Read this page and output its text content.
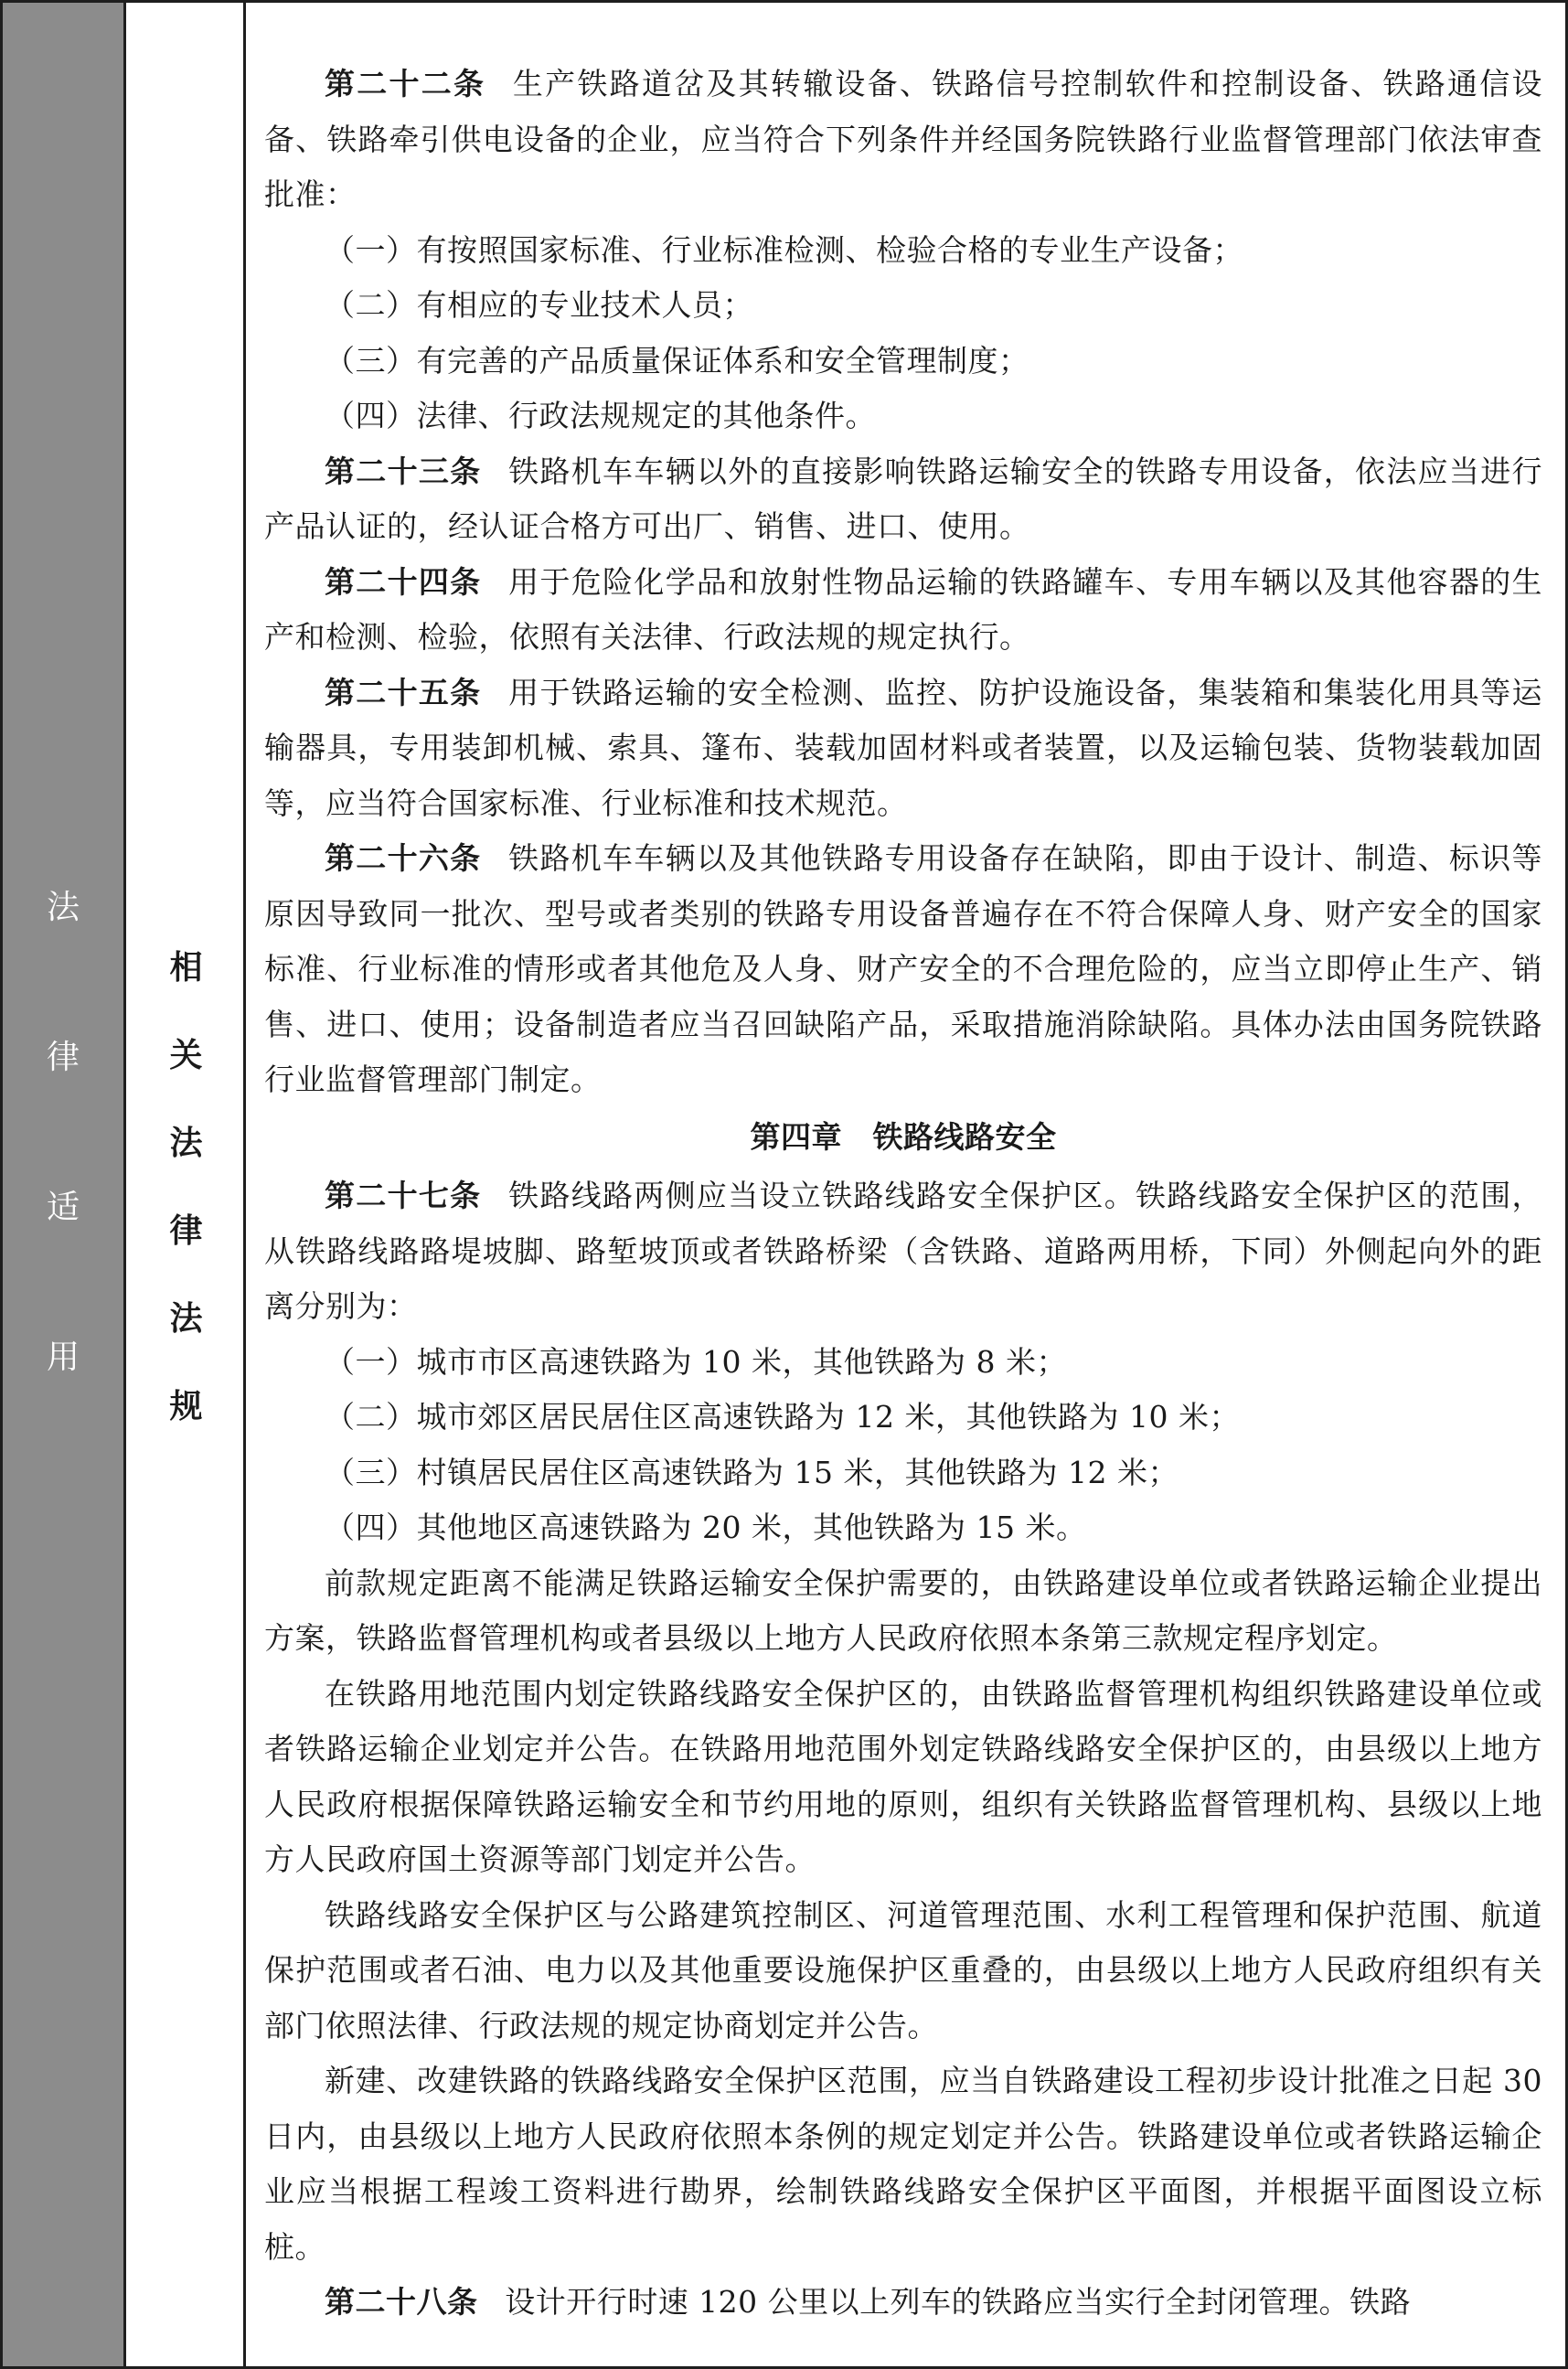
法
律
适
用
相
关
法
律
法
规

第二十二条 生产铁路道岔及其转辙设备、铁路信号控制软件和控制设备、铁路通信设备、铁路牵引供电设备的企业，应当符合下列条件并经国务院铁路行业监督管理部门依法审查批准：

（一）有按照国家标准、行业标准检测、检验合格的专业生产设备；

（二）有相应的专业技术人员；

（三）有完善的产品质量保证体系和安全管理制度；

（四）法律、行政法规规定的其他条件。

第二十三条 铁路机车车辆以外的直接影响铁路运输安全的铁路专用设备，依法应当进行产品认证的，经认证合格方可出厂、销售、进口、使用。

第二十四条 用于危险化学品和放射性物品运输的铁路罐车、专用车辆以及其他容器的生产和检测、检验，依照有关法律、行政法规的规定执行。

第二十五条 用于铁路运输的安全检测、监控、防护设施设备，集装箱和集装化用具等运输器具，专用装卸机械、索具、篷布、装载加固材料或者装置，以及运输包装、货物装载加固等，应当符合国家标准、行业标准和技术规范。

第二十六条 铁路机车车辆以及其他铁路专用设备存在缺陷，即由于设计、制造、标识等原因导致同一批次、型号或者类别的铁路专用设备普遍存在不符合保障人身、财产安全的国家标准、行业标准的情形或者其他危及人身、财产安全的不合理危险的，应当立即停止生产、销售、进口、使用；设备制造者应当召回缺陷产品，采取措施消除缺陷。具体办法由国务院铁路行业监督管理部门制定。

第四章　铁路线路安全

第二十七条 铁路线路两侧应当设立铁路线路安全保护区。铁路线路安全保护区的范围，从铁路线路路堤坡脚、路堑坡顶或者铁路桥梁（含铁路、道路两用桥，下同）外侧起向外的距离分别为：

（一）城市市区高速铁路为 10 米，其他铁路为 8 米；

（二）城市郊区居民居住区高速铁路为 12 米，其他铁路为 10 米；

（三）村镇居民居住区高速铁路为 15 米，其他铁路为 12 米；

（四）其他地区高速铁路为 20 米，其他铁路为 15 米。

前款规定距离不能满足铁路运输安全保护需要的，由铁路建设单位或者铁路运输企业提出方案，铁路监督管理机构或者县级以上地方人民政府依照本条第三款规定程序划定。

在铁路用地范围内划定铁路线路安全保护区的，由铁路监督管理机构组织铁路建设单位或者铁路运输企业划定并公告。在铁路用地范围外划定铁路线路安全保护区的，由县级以上地方人民政府根据保障铁路运输安全和节约用地的原则，组织有关铁路监督管理机构、县级以上地方人民政府国土资源等部门划定并公告。

铁路线路安全保护区与公路建筑控制区、河道管理范围、水利工程管理和保护范围、航道保护范围或者石油、电力以及其他重要设施保护区重叠的，由县级以上地方人民政府组织有关部门依照法律、行政法规的规定协商划定并公告。

新建、改建铁路的铁路线路安全保护区范围，应当自铁路建设工程初步设计批准之日起 30 日内，由县级以上地方人民政府依照本条例的规定划定并公告。铁路建设单位或者铁路运输企业应当根据工程竣工资料进行勘界，绘制铁路线路安全保护区平面图，并根据平面图设立标桩。

第二十八条 设计开行时速 120 公里以上列车的铁路应当实行全封闭管理。铁路
